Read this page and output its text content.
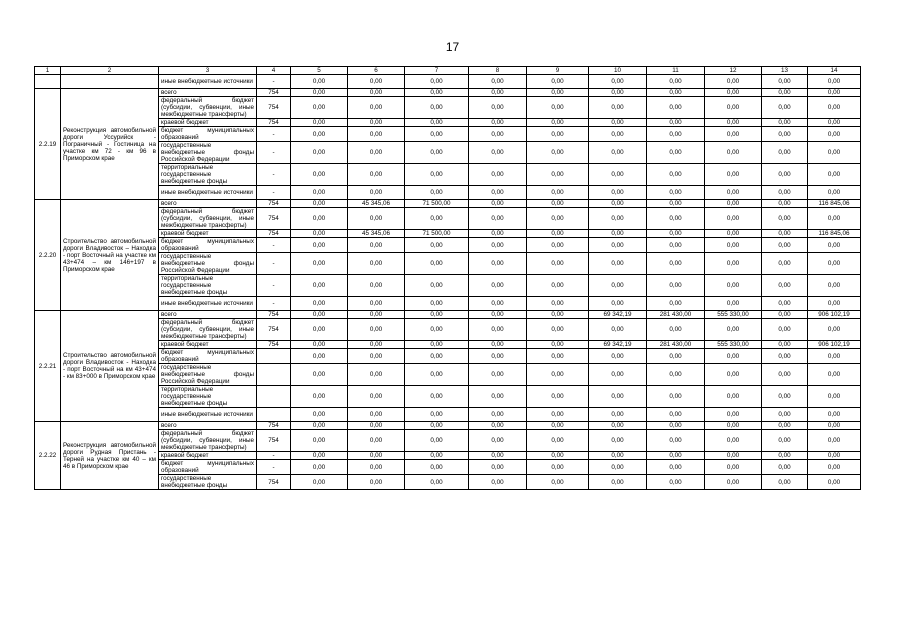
17
1	2	3	4	5	6	7	8	9	10	11	12	13	14
		иные внебюджетные источники	-	0,00	0,00	0,00	0,00	0,00	0,00	0,00	0,00	0,00	0,00
2.2.19	Реконструкция автомобильной дороги Уссурийск - Пограничный - Гостиница на участке км 72 - км 96 в Приморском крае	всего	754	0,00	0,00	0,00	0,00	0,00	0,00	0,00	0,00	0,00	0,00
		федеральный бюджет (субсидии, субвенции, иные межбюджетные трансферты)	754	0,00	0,00	0,00	0,00	0,00	0,00	0,00	0,00	0,00	0,00
		краевой бюджет	754	0,00	0,00	0,00	0,00	0,00	0,00	0,00	0,00	0,00	0,00
		бюджет муниципальных образований	-	0,00	0,00	0,00	0,00	0,00	0,00	0,00	0,00	0,00	0,00
		государственные внебюджетные фонды Российской Федерации	-	0,00	0,00	0,00	0,00	0,00	0,00	0,00	0,00	0,00	0,00
		территориальные государственные внебюджетные фонды	-	0,00	0,00	0,00	0,00	0,00	0,00	0,00	0,00	0,00	0,00
		иные внебюджетные источники	-	0,00	0,00	0,00	0,00	0,00	0,00	0,00	0,00	0,00	0,00
2.2.20	Строительство автомобильной дороги Владивосток – Находка - порт Восточный на участке км 43+474 – км 146+197 в Приморском крае	всего	754	0,00	45 345,06	71 500,00	0,00	0,00	0,00	0,00	0,00	0,00	116 845,06
		федеральный бюджет (субсидии, субвенции, иные межбюджетные трансферты)	754	0,00	0,00	0,00	0,00	0,00	0,00	0,00	0,00	0,00	0,00
		краевой бюджет	754	0,00	45 345,06	71 500,00	0,00	0,00	0,00	0,00	0,00	0,00	116 845,06
		бюджет муниципальных образований	-	0,00	0,00	0,00	0,00	0,00	0,00	0,00	0,00	0,00	0,00
		государственные внебюджетные фонды Российской Федерации	-	0,00	0,00	0,00	0,00	0,00	0,00	0,00	0,00	0,00	0,00
		территориальные государственные внебюджетные фонды	-	0,00	0,00	0,00	0,00	0,00	0,00	0,00	0,00	0,00	0,00
		иные внебюджетные источники	-	0,00	0,00	0,00	0,00	0,00	0,00	0,00	0,00	0,00	0,00
2.2.21	Строительство автомобильной дороги Владивосток - Находка - порт Восточный на км 43+474 - км 83+000 в Приморском крае	всего	754	0,00	0,00	0,00	0,00	0,00	69 342,19	281 430,00	555 330,00	0,00	906 102,19
		федеральный бюджет (субсидии, субвенции, иные межбюджетные трансферты)	754	0,00	0,00	0,00	0,00	0,00	0,00	0,00	0,00	0,00	0,00
		краевой бюджет	754	0,00	0,00	0,00	0,00	0,00	69 342,19	281 430,00	555 330,00	0,00	906 102,19
		бюджет муниципальных образований		0,00	0,00	0,00	0,00	0,00	0,00	0,00	0,00	0,00	0,00
		государственные внебюджетные фонды Российской Федерации		0,00	0,00	0,00	0,00	0,00	0,00	0,00	0,00	0,00	0,00
		территориальные государственные внебюджетные фонды		0,00	0,00	0,00	0,00	0,00	0,00	0,00	0,00	0,00	0,00
		иные внебюджетные источники		0,00	0,00	0,00	0,00	0,00	0,00	0,00	0,00	0,00	0,00
2.2.22	Реконструкция автомобильной дороги Рудная Пристань - Терней на участке км 40 – км 46 в Приморском крае	всего	754	0,00	0,00	0,00	0,00	0,00	0,00	0,00	0,00	0,00	0,00
		федеральный бюджет (субсидии, субвенции, иные межбюджетные трансферты)	754	0,00	0,00	0,00	0,00	0,00	0,00	0,00	0,00	0,00	0,00
		краевой бюджет	-	0,00	0,00	0,00	0,00	0,00	0,00	0,00	0,00	0,00	0,00
		бюджет муниципальных образований	-	0,00	0,00	0,00	0,00	0,00	0,00	0,00	0,00	0,00	0,00
		государственные внебюджетные фонды	754	0,00	0,00	0,00	0,00	0,00	0,00	0,00	0,00	0,00	0,00
